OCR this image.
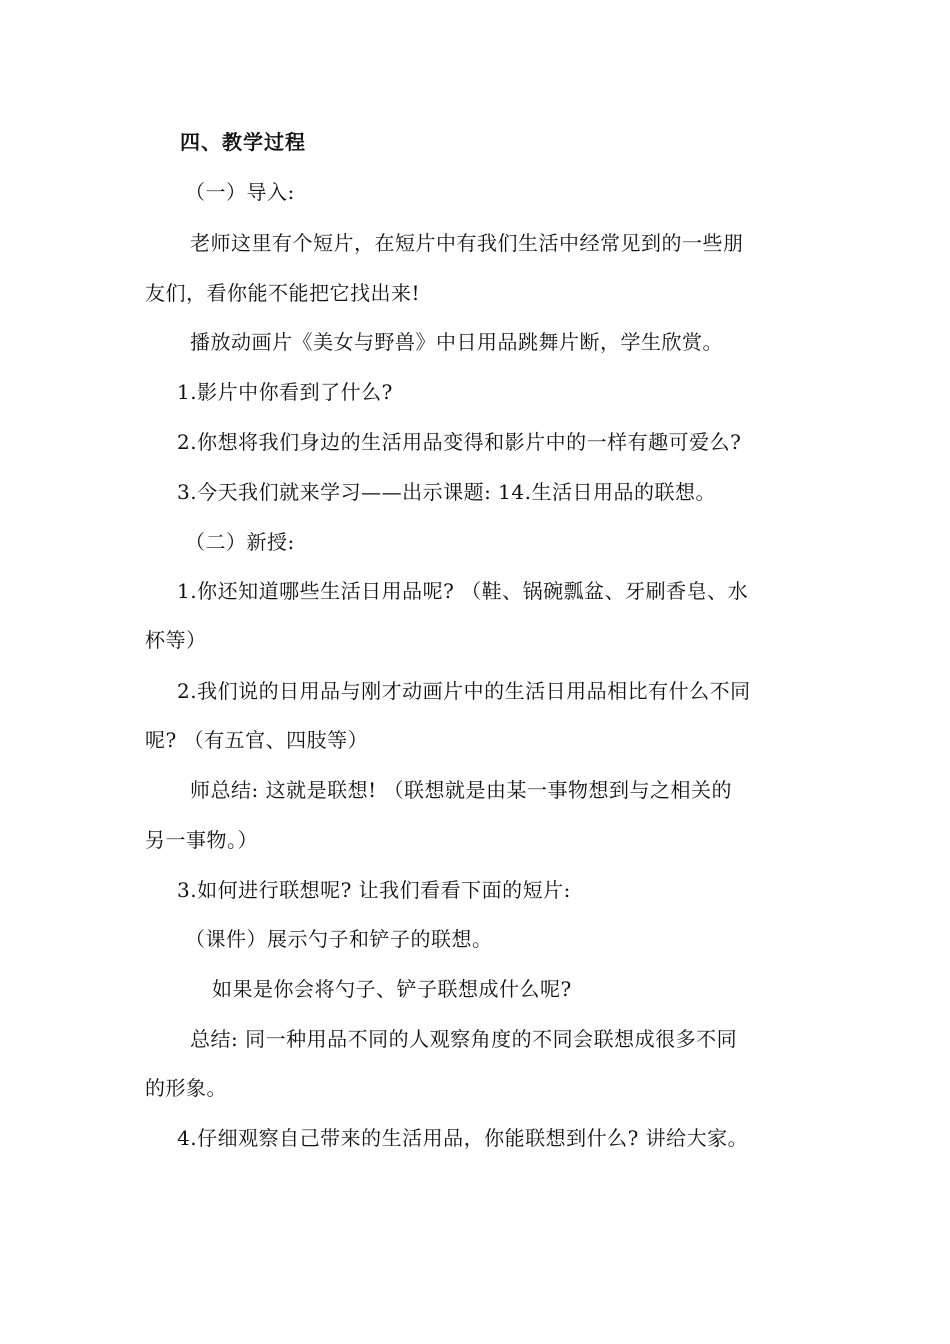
四、教学过程
（一）导入:
老师这里有个短片，在短片中有我们生活中经常见到的一些朋
友们，看你能不能把它找出来!
播放动画片《美女与野兽》中日用品跳舞片断，学生欣赏。
1.影片中你看到了什么?
2.你想将我们身边的生活用品变得和影片中的一样有趣可爱么?
3.今天我们就来学习——出示课题: 14.生活日用品的联想。
（二）新授:
1.你还知道哪些生活日用品呢? （鞋、锅碗瓢盆、牙刷香皂、水
杯等）
2.我们说的日用品与刚才动画片中的生活日用品相比有什么不同
呢? （有五官、四肢等）
师总结: 这就是联想! （联想就是由某一事物想到与之相关的
另一事物。）
3.如何进行联想呢? 让我们看看下面的短片:
（课件）展示勺子和铲子的联想。
如果是你会将勺子、铲子联想成什么呢?
总结: 同一种用品不同的人观察角度的不同会联想成很多不同
的形象。
4.仔细观察自己带来的生活用品，你能联想到什么? 讲给大家。
